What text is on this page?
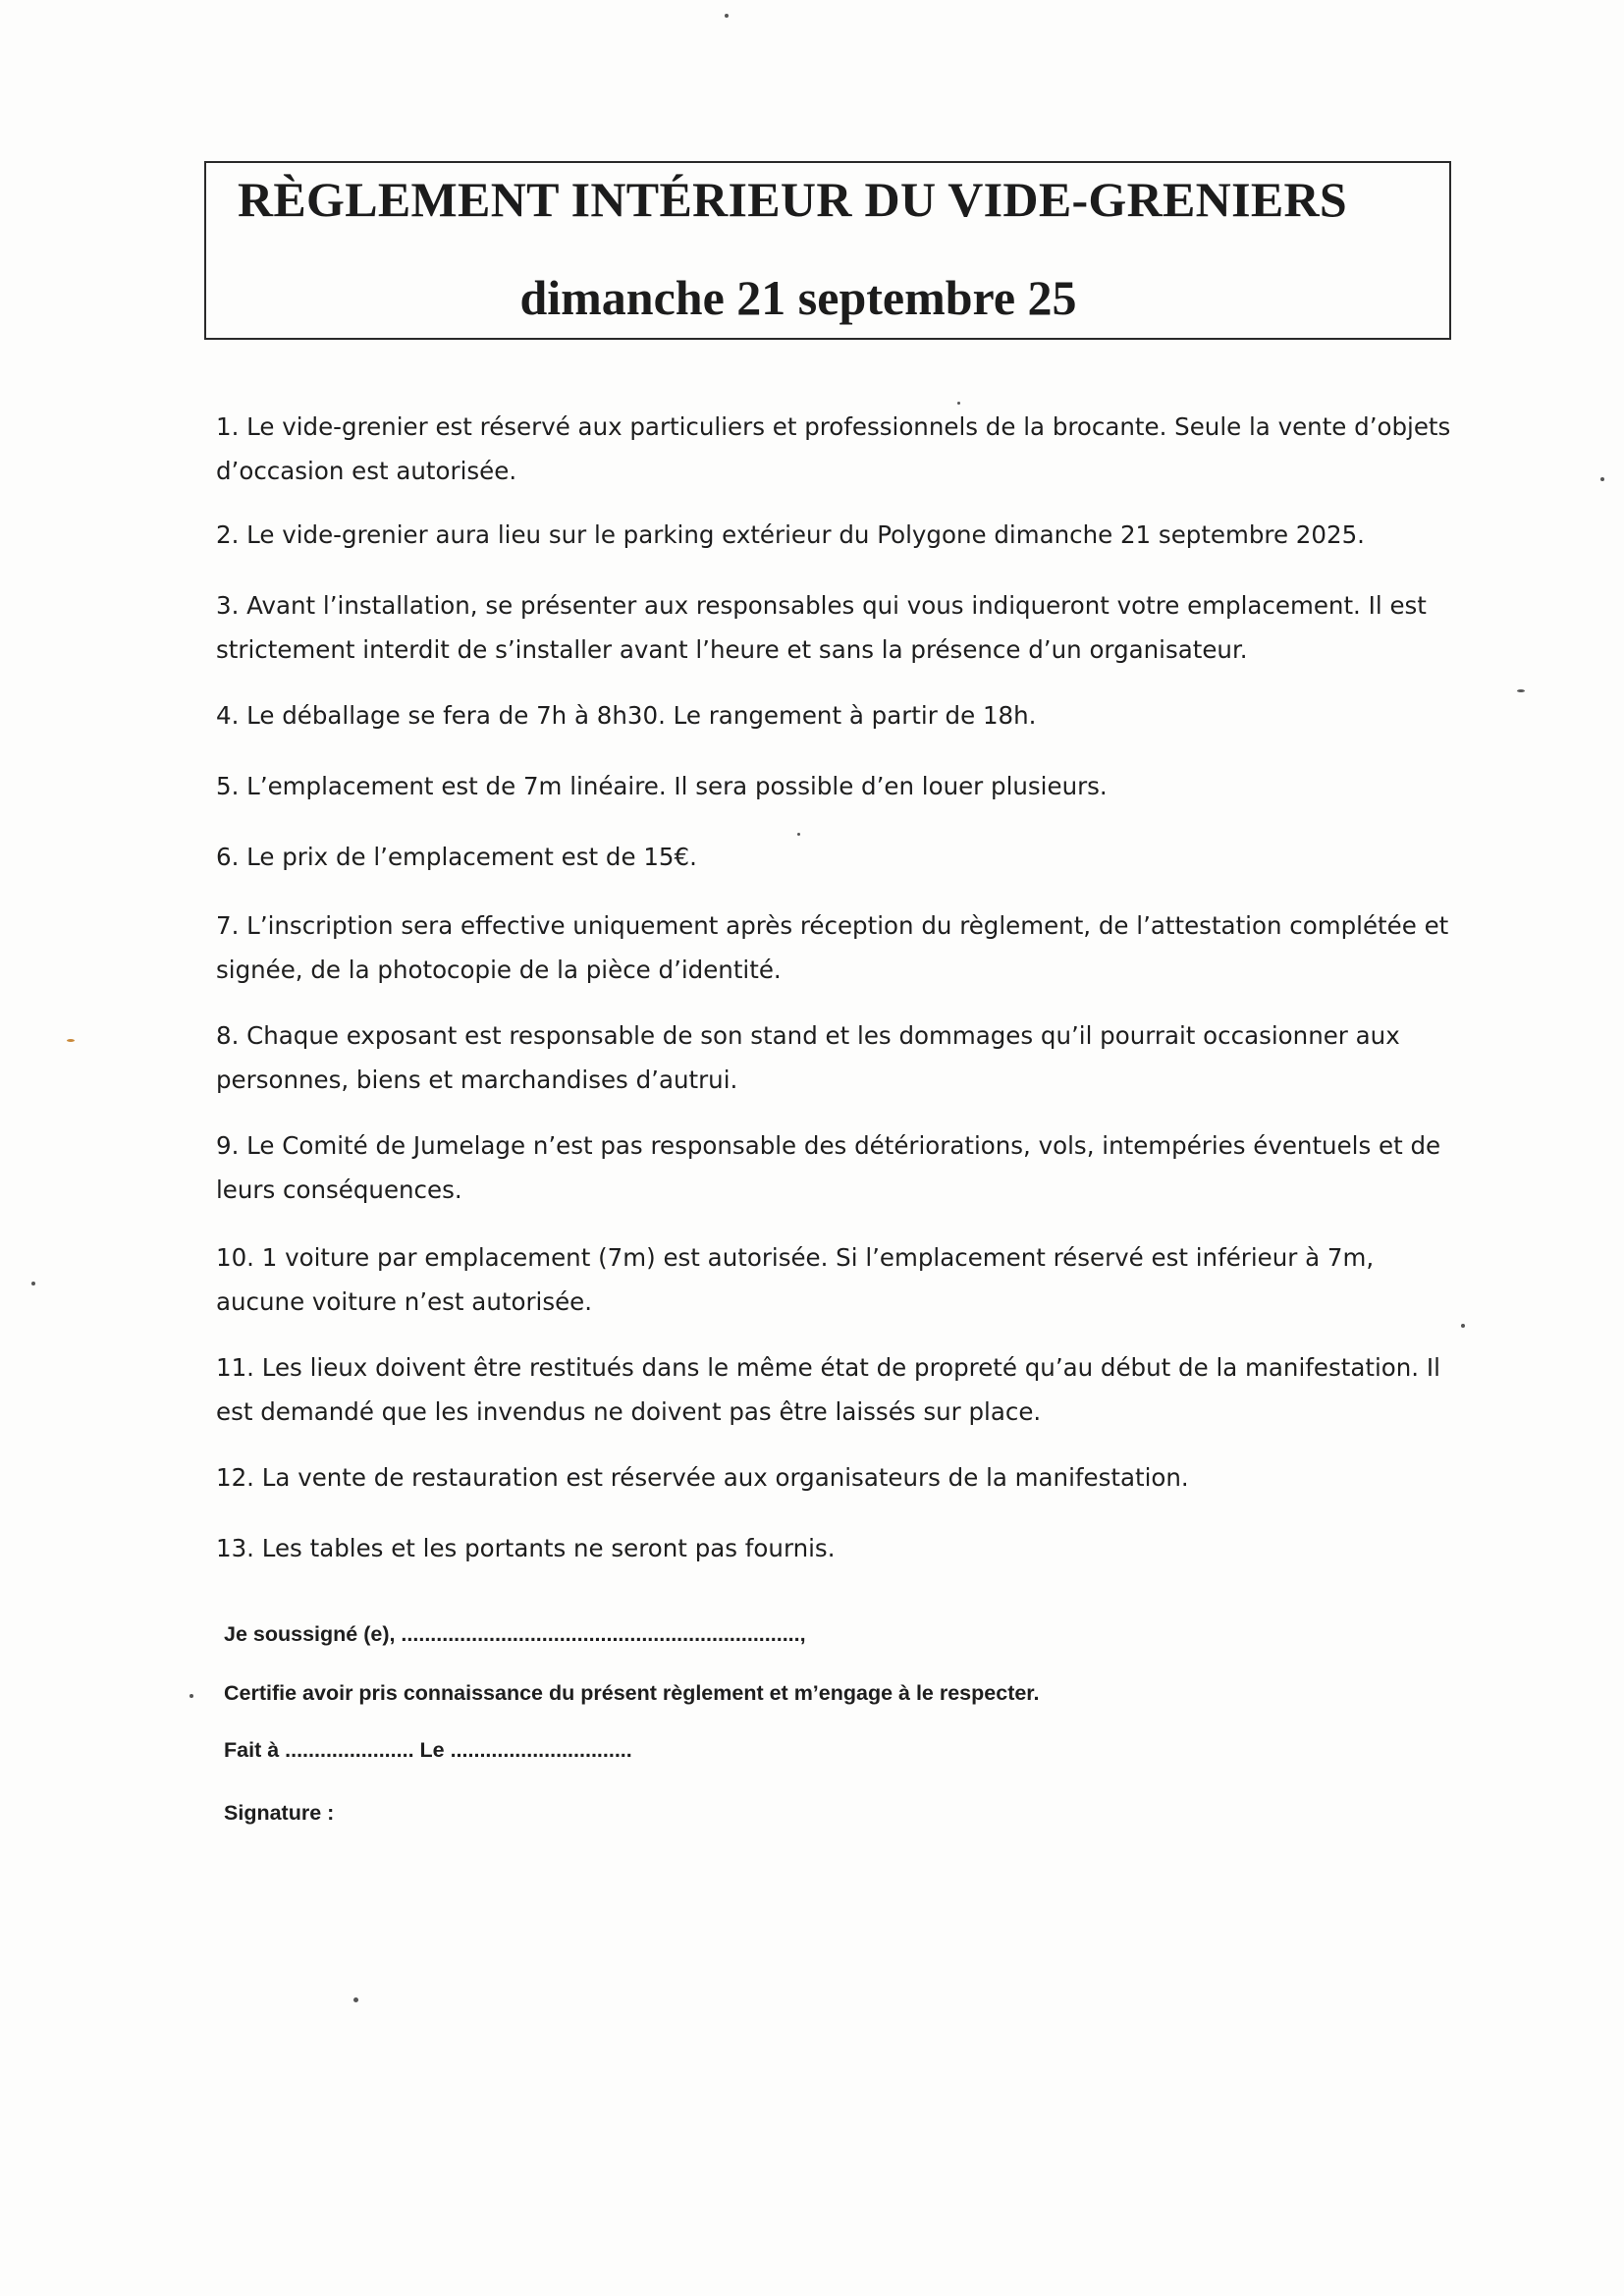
RÈGLEMENT INTÉRIEUR DU VIDE-GRENIERS
dimanche 21 septembre 25

1. Le vide-grenier est réservé aux particuliers et professionnels de la brocante. Seule la vente d’objets d’occasion est autorisée.

2. Le vide-grenier aura lieu sur le parking extérieur du Polygone dimanche 21 septembre 2025.

3. Avant l’installation, se présenter aux responsables qui vous indiqueront votre emplacement. Il est strictement interdit de s’installer avant l’heure et sans la présence d’un organisateur.

4. Le déballage se fera de 7h à 8h30. Le rangement à partir de 18h.

5. L’emplacement est de 7m linéaire. Il sera possible d’en louer plusieurs.

6. Le prix de l’emplacement est de 15€.

7. L’inscription sera effective uniquement après réception du règlement, de l’attestation complétée et signée, de la photocopie de la pièce d’identité.

8. Chaque exposant est responsable de son stand et les dommages qu’il pourrait occasionner aux personnes, biens et marchandises d’autrui.

9. Le Comité de Jumelage n’est pas responsable des détériorations, vols, intempéries éventuels et de leurs conséquences.

10. 1 voiture par emplacement (7m) est autorisée. Si l’emplacement réservé est inférieur à 7m, aucune voiture n’est autorisée.

11. Les lieux doivent être restitués dans le même état de propreté qu’au début de la manifestation. Il est demandé que les invendus ne doivent pas être laissés sur place.

12. La vente de restauration est réservée aux organisateurs de la manifestation.

13. Les tables et les portants ne seront pas fournis.

Je soussigné (e), ....................................................................,
Certifie avoir pris connaissance du présent règlement et m’engage à le respecter.
Fait à ...................... Le ...............................
Signature :
